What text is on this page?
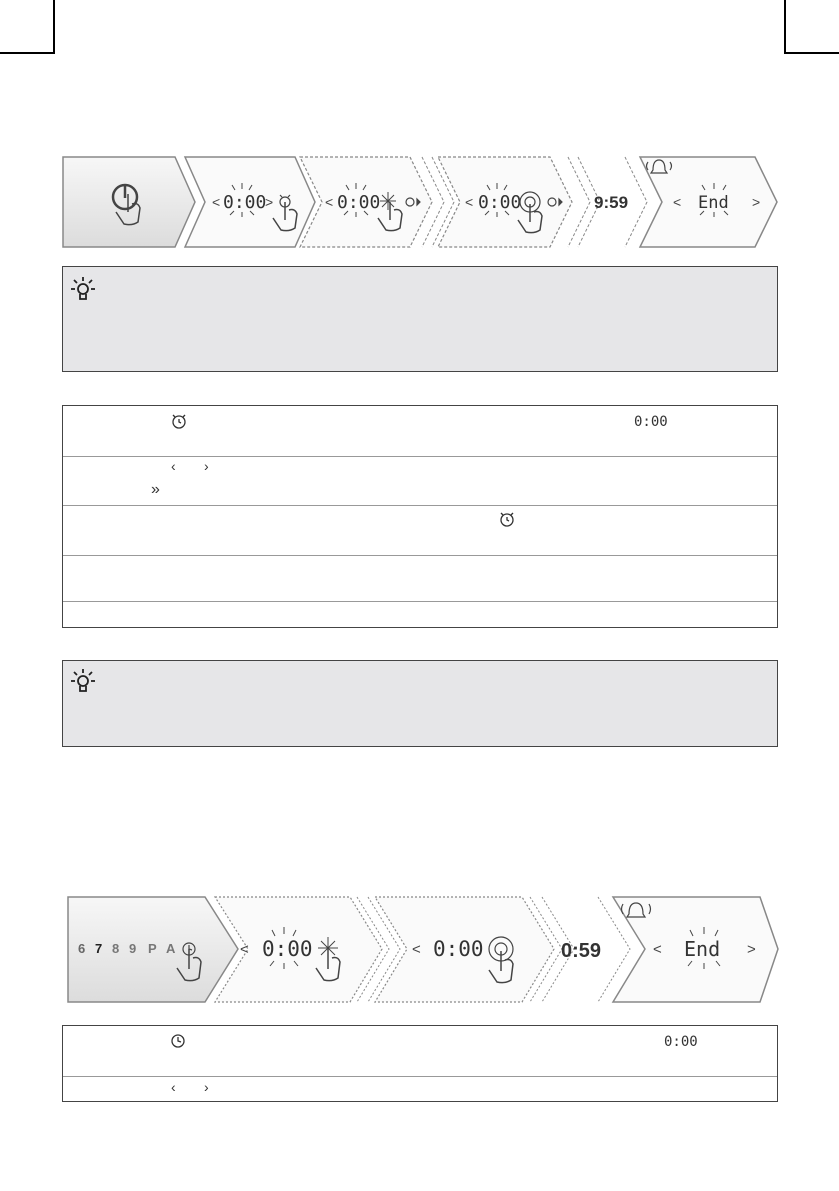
< 0:00
>	< 0:00	< 0:00	9:59	< End >
0:00
‹ ›
»
6 7 8 9 P A	< 0:00	< 0:00	0:59	< End >
0:00
‹ ›
